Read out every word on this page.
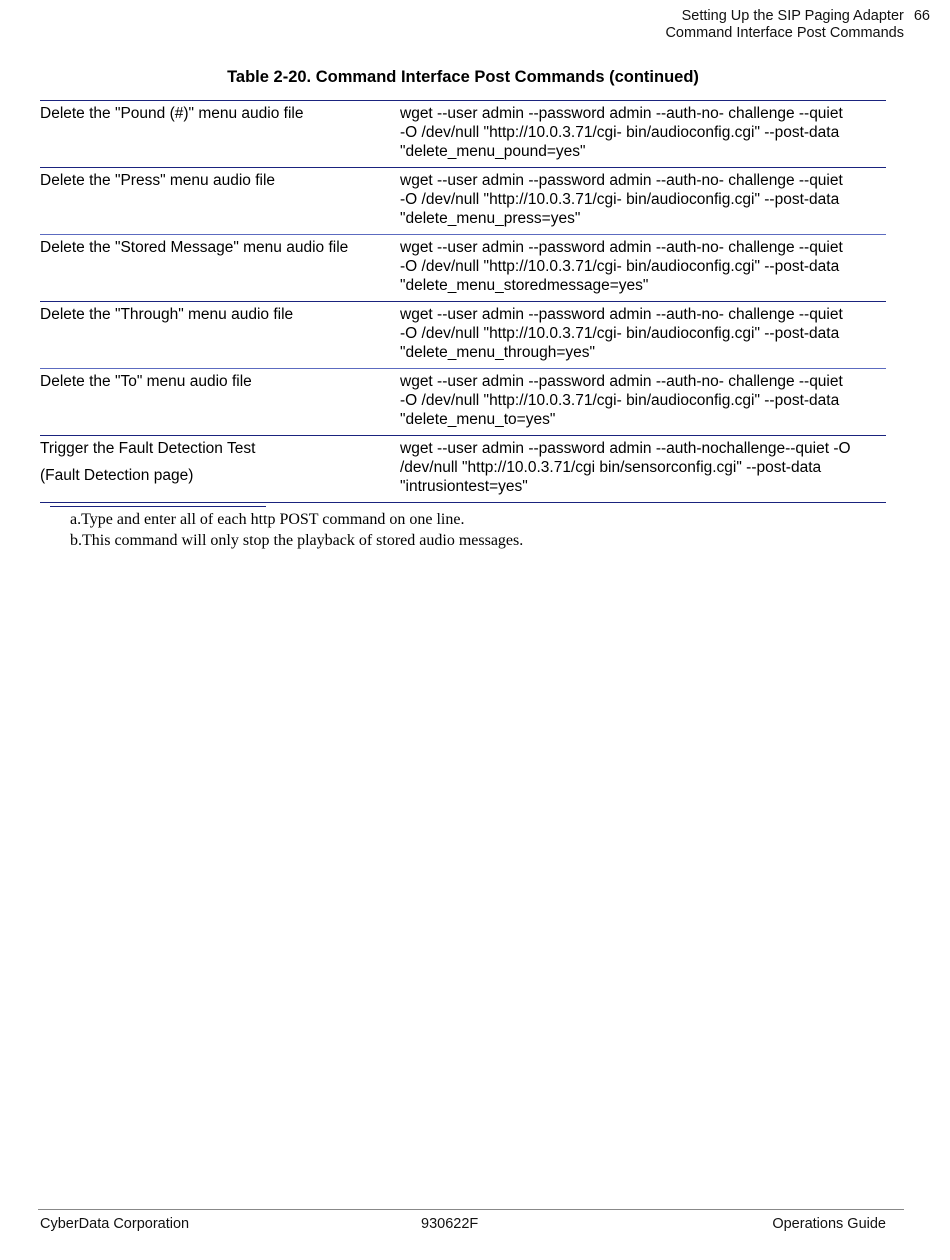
Setting Up the SIP Paging Adapter 66
Command Interface Post Commands
Table 2-20. Command Interface Post Commands (continued)
Delete the "Pound (#)" menu audio file	wget --user admin --password admin --auth-no- challenge --quiet -O /dev/null "http://10.0.3.71/cgi- bin/audioconfig.cgi" --post-data "delete_menu_pound=yes"

Delete the "Press" menu audio file	wget --user admin --password admin --auth-no- challenge --quiet -O /dev/null "http://10.0.3.71/cgi- bin/audioconfig.cgi" --post-data "delete_menu_press=yes"

Delete the "Stored Message" menu audio file	wget --user admin --password admin --auth-no- challenge --quiet -O /dev/null "http://10.0.3.71/cgi- bin/audioconfig.cgi" --post-data "delete_menu_storedmessage=yes"

Delete the "Through" menu audio file	wget --user admin --password admin --auth-no- challenge --quiet -O /dev/null "http://10.0.3.71/cgi- bin/audioconfig.cgi" --post-data "delete_menu_through=yes"

Delete the "To" menu audio file	wget --user admin --password admin --auth-no- challenge --quiet -O /dev/null "http://10.0.3.71/cgi- bin/audioconfig.cgi" --post-data "delete_menu_to=yes"

Trigger the Fault Detection Test
(Fault Detection page)	wget --user admin --password admin --auth-nochallenge--quiet -O /dev/null "http://10.0.3.71/cgi bin/sensorconfig.cgi" --post-data "intrusiontest=yes"
a.Type and enter all of each http POST command on one line.
b.This command will only stop the playback of stored audio messages.
CyberData Corporation	930622F	Operations Guide
